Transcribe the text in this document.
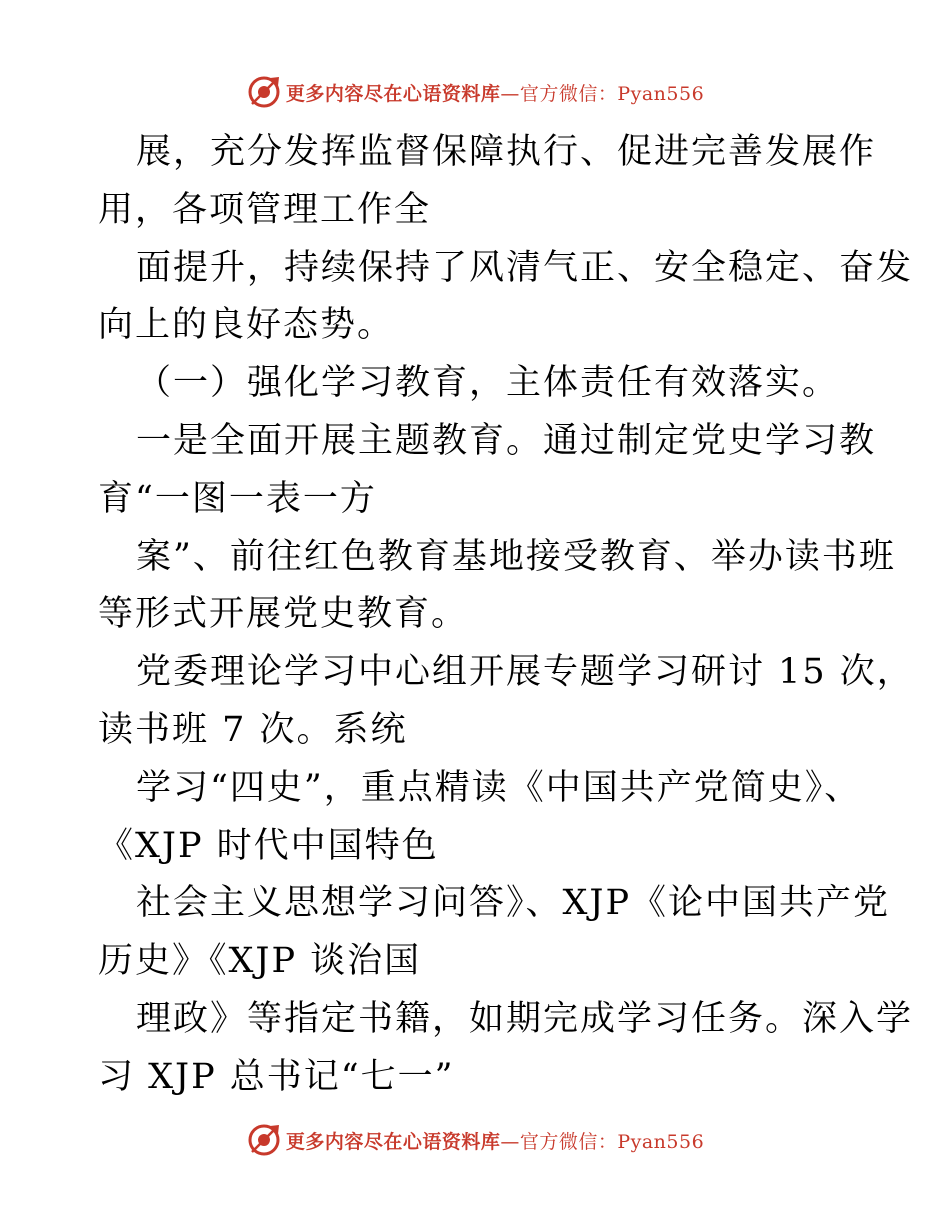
更多内容尽在心语资料库—官方微信：Pyan556
展，充分发挥监督保障执行、促进完善发展作
用，各项管理工作全
面提升，持续保持了风清气正、安全稳定、奋发
向上的良好态势。
（一）强化学习教育，主体责任有效落实。
一是全面开展主题教育。通过制定党史学习教
育“一图一表一方
案”、前往红色教育基地接受教育、举办读书班
等形式开展党史教育。
党委理论学习中心组开展专题学习研讨 15 次，
读书班 7 次。系统
学习“四史”，重点精读《中国共产党简史》、
《XJP 时代中国特色
社会主义思想学习问答》、XJP《论中国共产党
历史》《XJP 谈治国
理政》等指定书籍，如期完成学习任务。深入学
习 XJP 总书记“七一”
更多内容尽在心语资料库—官方微信：Pyan556
